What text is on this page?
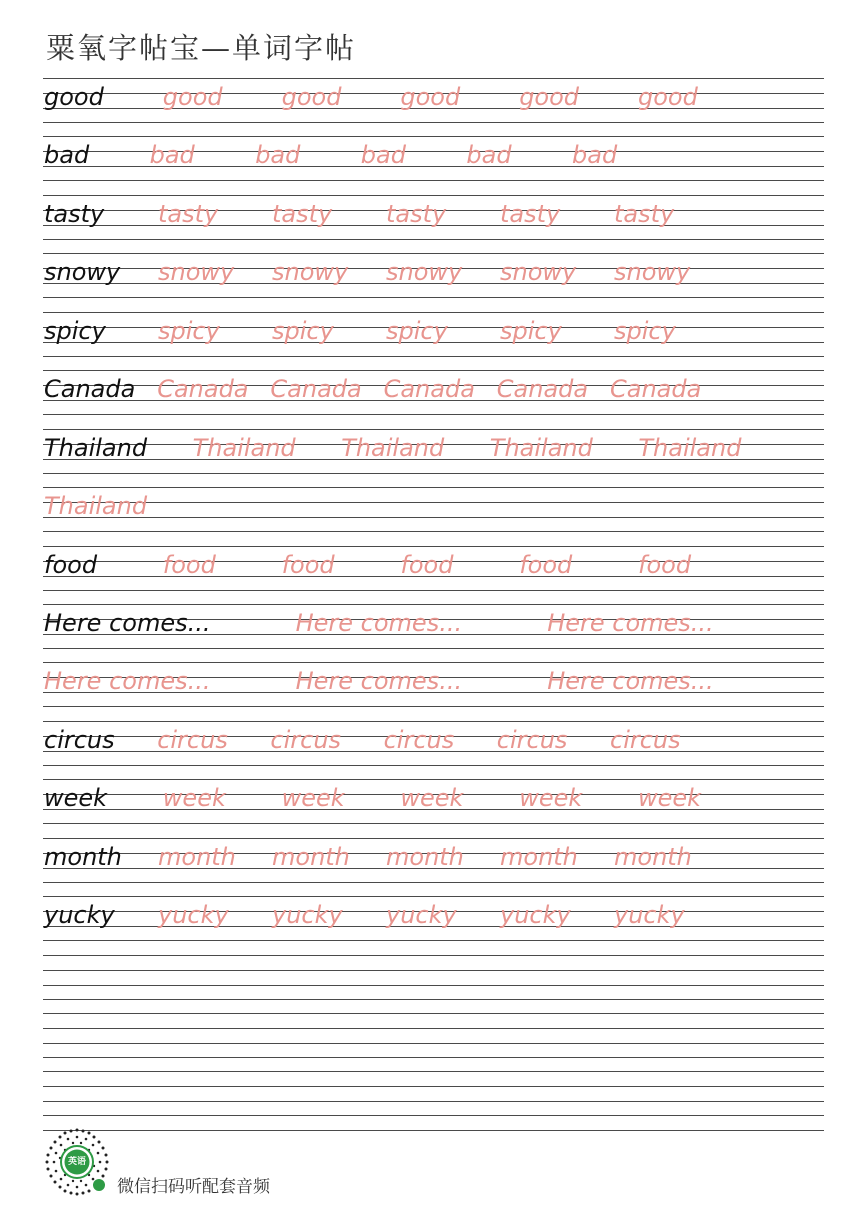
粟氧字帖宝—单词字帖
good good good good good good
bad	bad	bad	bad	bad	bad
tasty tasty tasty tasty tasty tasty
snowy snowy snowy snowy snowy snowy
spicy spicy spicy spicy spicy spicy
Canada Canada Canada Canada Canada Canada
Thailand Thailand Thailand Thailand Thailand
Thailand
food	food	food	food	food	food
Here comes...	Here comes...	Here comes...
Here comes...	Here comes...	Here comes...
circus circus circus circus circus circus
week week week week week week
month month month month month month
yucky yucky yucky yucky yucky yucky
英语
微信扫码听配套音频
